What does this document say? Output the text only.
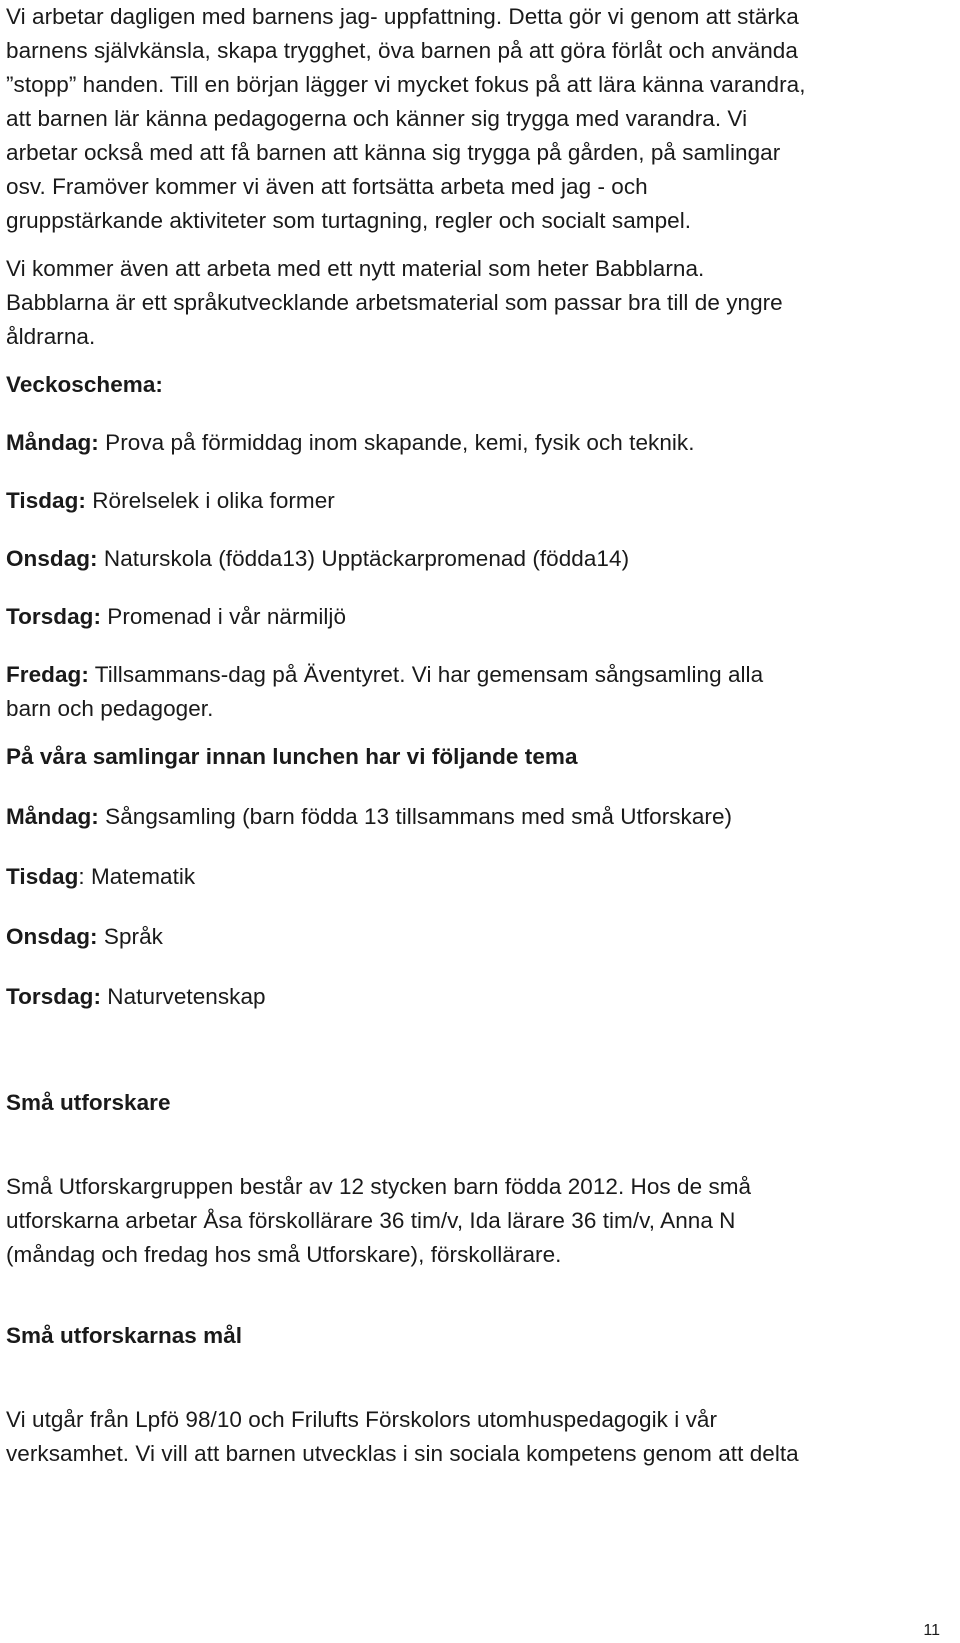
Vi arbetar dagligen med barnens jag- uppfattning. Detta gör vi genom att stärka
barnens självkänsla, skapa trygghet, öva barnen på att göra förlåt och använda
”stopp” handen. Till en början lägger vi mycket fokus på att lära känna varandra,
att barnen lär känna pedagogerna och känner sig trygga med varandra. Vi
arbetar också med att få barnen att känna sig trygga på gården, på samlingar
osv. Framöver kommer vi även att fortsätta arbeta med jag - och
gruppstärkande aktiviteter som turtagning, regler och socialt sampel.
Vi kommer även att arbeta med ett nytt material som heter Babblarna.
Babblarna är ett språkutvecklande arbetsmaterial som passar bra till de yngre
åldrarna.
Veckoschema:
Måndag: Prova på förmiddag inom skapande, kemi, fysik och teknik.
Tisdag: Rörelselek i olika former
Onsdag: Naturskola (födda13) Upptäckarpromenad (födda14)
Torsdag: Promenad i vår närmiljö
Fredag: Tillsammans-dag på Äventyret. Vi har gemensam sångsamling alla
barn och pedagoger.
På våra samlingar innan lunchen har vi följande tema
Måndag: Sångsamling (barn födda 13 tillsammans med små Utforskare)
Tisdag: Matematik
Onsdag: Språk
Torsdag: Naturvetenskap
Små utforskare
Små Utforskargruppen består av 12 stycken barn födda 2012. Hos de små
utforskarna arbetar Åsa förskollärare 36 tim/v, Ida lärare 36 tim/v, Anna N
(måndag och fredag hos små Utforskare), förskollärare.
Små utforskarnas mål
Vi utgår från Lpfö 98/10 och Frilufts Förskolors utomhuspedagogik i vår
verksamhet. Vi vill att barnen utvecklas i sin sociala kompetens genom att delta
11
